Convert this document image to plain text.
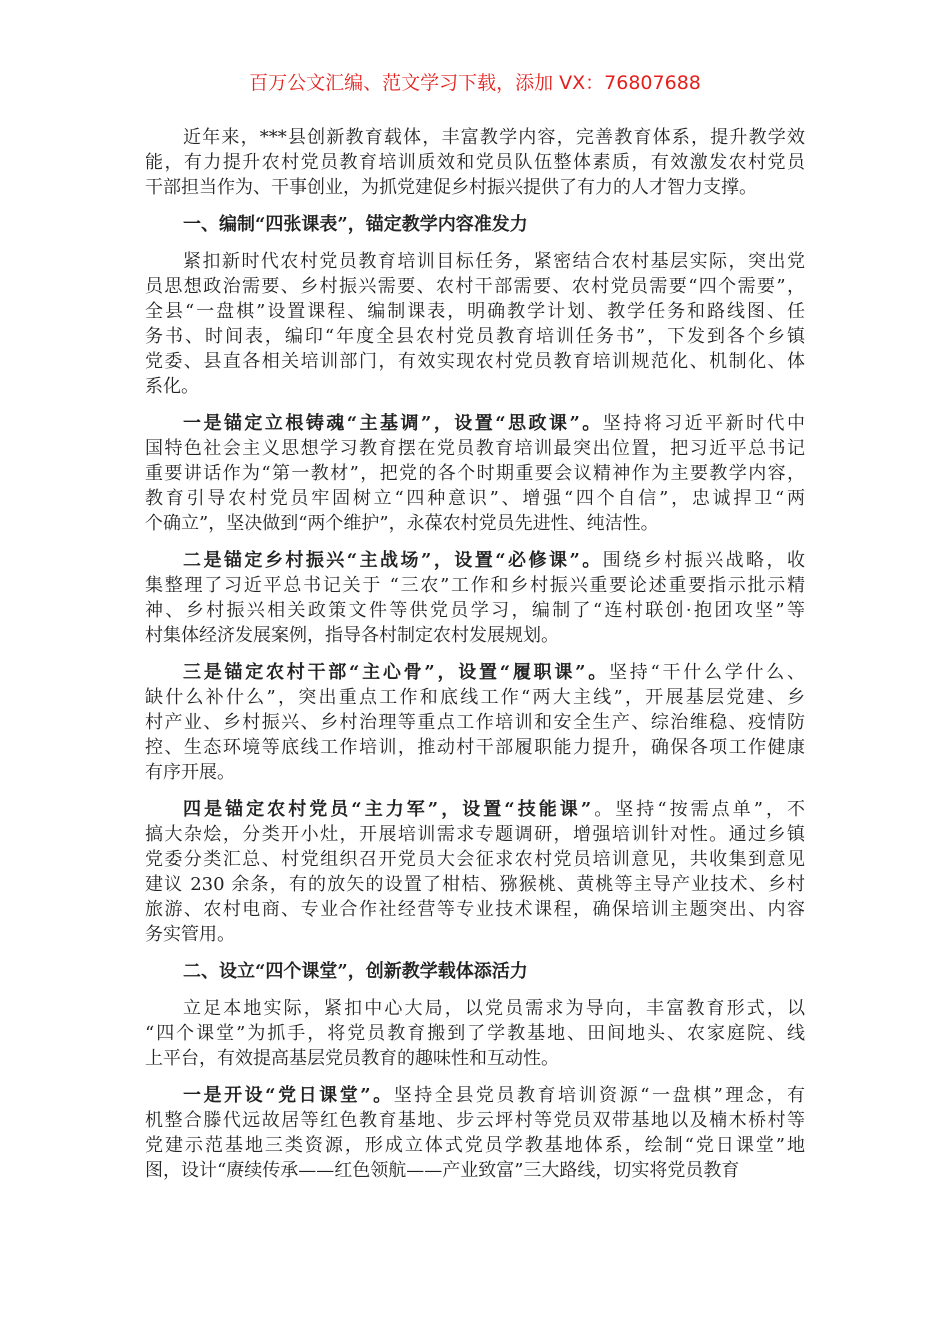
百万公文汇编、范文学习下载，添加 VX：76807688
近年来，***县创新教育载体，丰富教学内容，完善教育体系，提升教学效
能，有力提升农村党员教育培训质效和党员队伍整体素质，有效激发农村党员
干部担当作为、干事创业，为抓党建促乡村振兴提供了有力的人才智力支撑。
一、编制“四张课表”，锚定教学内容准发力
紧扣新时代农村党员教育培训目标任务，紧密结合农村基层实际，突出党
员思想政治需要、乡村振兴需要、农村干部需要、农村党员需要“四个需要”，
全县“一盘棋”设置课程、编制课表，明确教学计划、教学任务和路线图、任
务书、时间表，编印“年度全县农村党员教育培训任务书”，下发到各个乡镇
党委、县直各相关培训部门，有效实现农村党员教育培训规范化、机制化、体
系化。
一是锚定立根铸魂“主基调”，设置“思政课”。坚持将习近平新时代中
国特色社会主义思想学习教育摆在党员教育培训最突出位置，把习近平总书记
重要讲话作为“第一教材”，把党的各个时期重要会议精神作为主要教学内容，
教育引导农村党员牢固树立“四种意识”、增强“四个自信”，忠诚捍卫“两
个确立”，坚决做到“两个维护”，永葆农村党员先进性、纯洁性。
二是锚定乡村振兴“主战场”，设置“必修课”。围绕乡村振兴战略，收
集整理了习近平总书记关于 “三农”工作和乡村振兴重要论述重要指示批示精
神、乡村振兴相关政策文件等供党员学习，编制了“连村联创·抱团攻坚”等
村集体经济发展案例，指导各村制定农村发展规划。
三是锚定农村干部“主心骨”，设置“履职课”。坚持“干什么学什么、
缺什么补什么”，突出重点工作和底线工作“两大主线”，开展基层党建、乡
村产业、乡村振兴、乡村治理等重点工作培训和安全生产、综治维稳、疫情防
控、生态环境等底线工作培训，推动村干部履职能力提升，确保各项工作健康
有序开展。
四是锚定农村党员“主力军”，设置“技能课”。坚持“按需点单”，不
搞大杂烩，分类开小灶，开展培训需求专题调研，增强培训针对性。通过乡镇
党委分类汇总、村党组织召开党员大会征求农村党员培训意见，共收集到意见
建议 230 余条，有的放矢的设置了柑桔、猕猴桃、黄桃等主导产业技术、乡村
旅游、农村电商、专业合作社经营等专业技术课程，确保培训主题突出、内容
务实管用。
二、设立“四个课堂”，创新教学载体添活力
立足本地实际，紧扣中心大局，以党员需求为导向，丰富教育形式，以
“四个课堂”为抓手，将党员教育搬到了学教基地、田间地头、农家庭院、线
上平台，有效提高基层党员教育的趣味性和互动性。
一是开设“党日课堂”。坚持全县党员教育培训资源“一盘棋”理念，有
机整合滕代远故居等红色教育基地、步云坪村等党员双带基地以及楠木桥村等
党建示范基地三类资源，形成立体式党员学教基地体系，绘制“党日课堂”地
图，设计“赓续传承——红色领航——产业致富”三大路线，切实将党员教育
